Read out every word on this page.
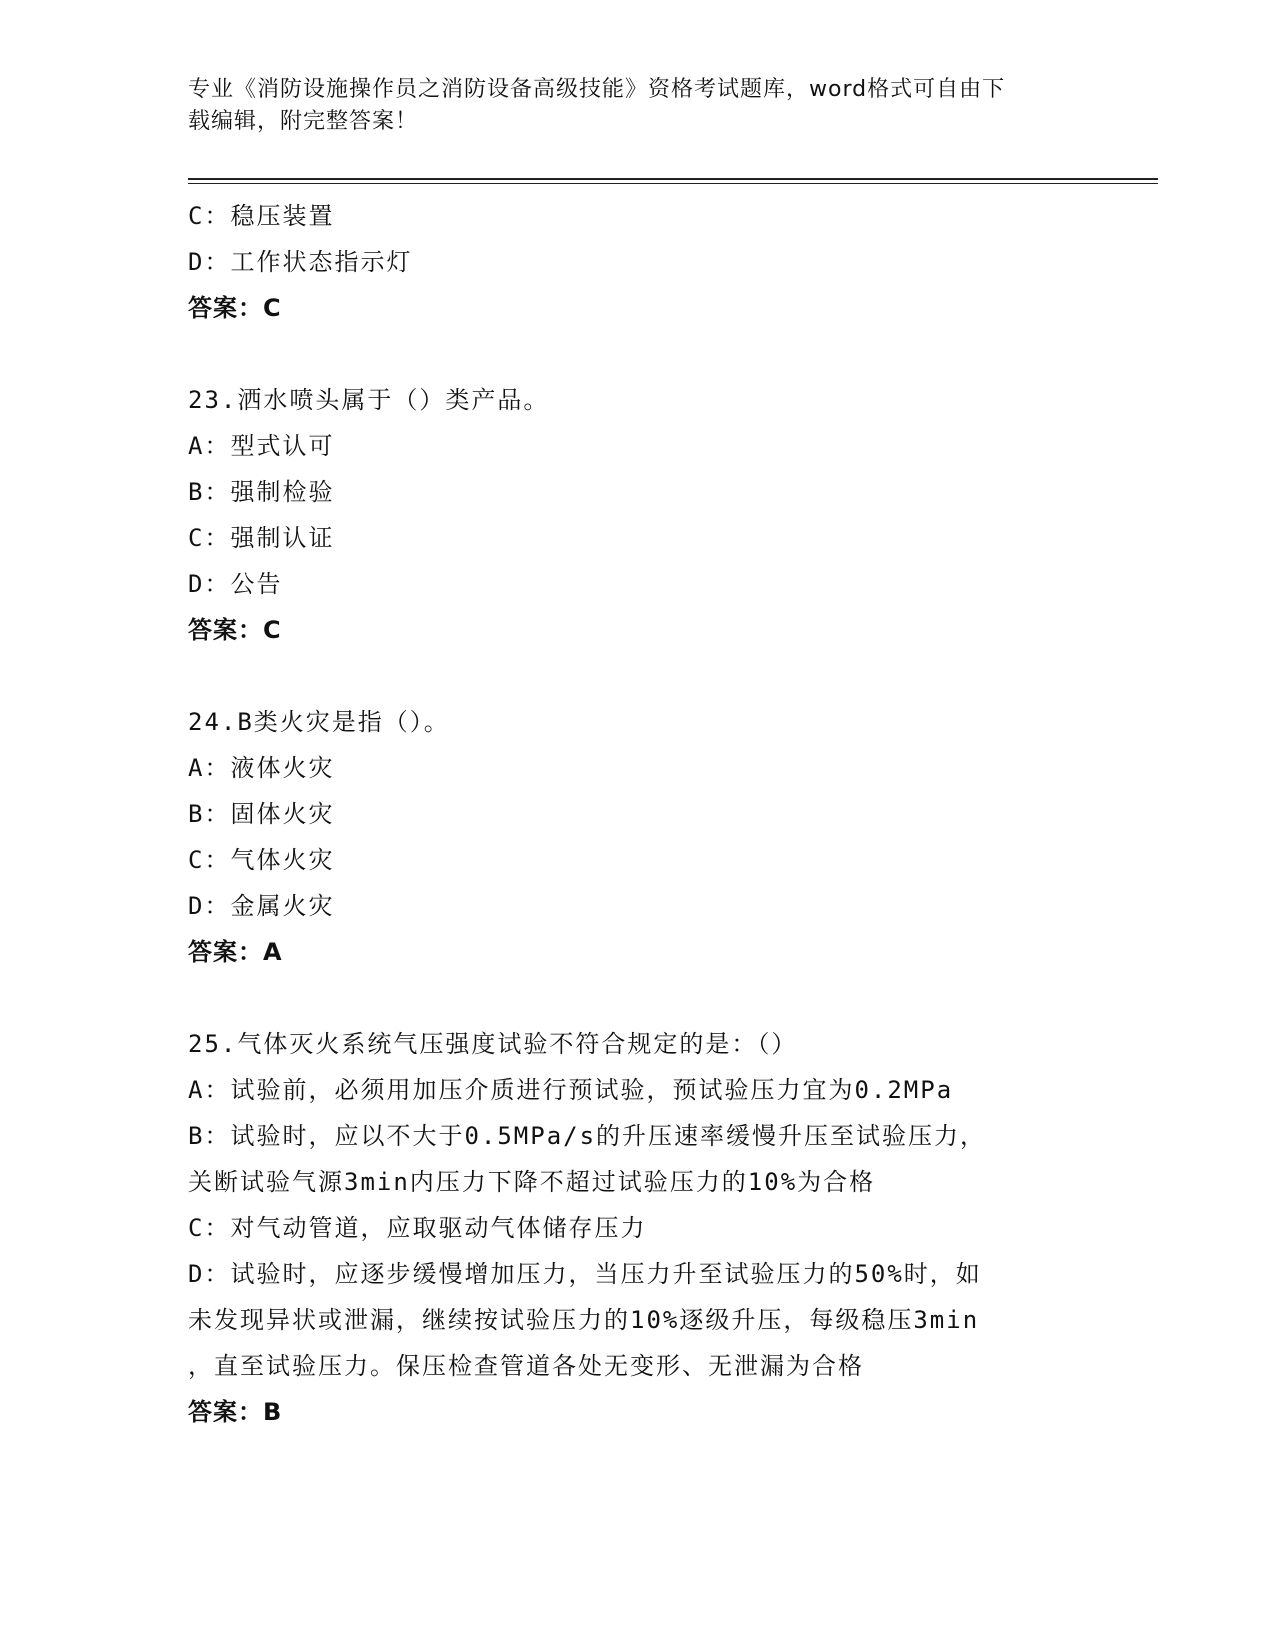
专业《消防设施操作员之消防设备高级技能》资格考试题库，word格式可自由下
载编辑，附完整答案！
C：稳压装置
D：工作状态指示灯
答案：C
23.洒水喷头属于（）类产品。
A：型式认可
B：强制检验
C：强制认证
D：公告
答案：C
24.B类火灾是指（）。
A：液体火灾
B：固体火灾
C：气体火灾
D：金属火灾
答案：A
25.气体灭火系统气压强度试验不符合规定的是：（）
A：试验前，必须用加压介质进行预试验，预试验压力宜为0.2MPa
B：试验时，应以不大于0.5MPa/s的升压速率缓慢升压至试验压力，
关断试验气源3min内压力下降不超过试验压力的10%为合格
C：对气动管道，应取驱动气体储存压力
D：试验时，应逐步缓慢增加压力，当压力升至试验压力的50%时，如
未发现异状或泄漏，继续按试验压力的10%逐级升压，每级稳压3min
，直至试验压力。保压检查管道各处无变形、无泄漏为合格
答案：B
